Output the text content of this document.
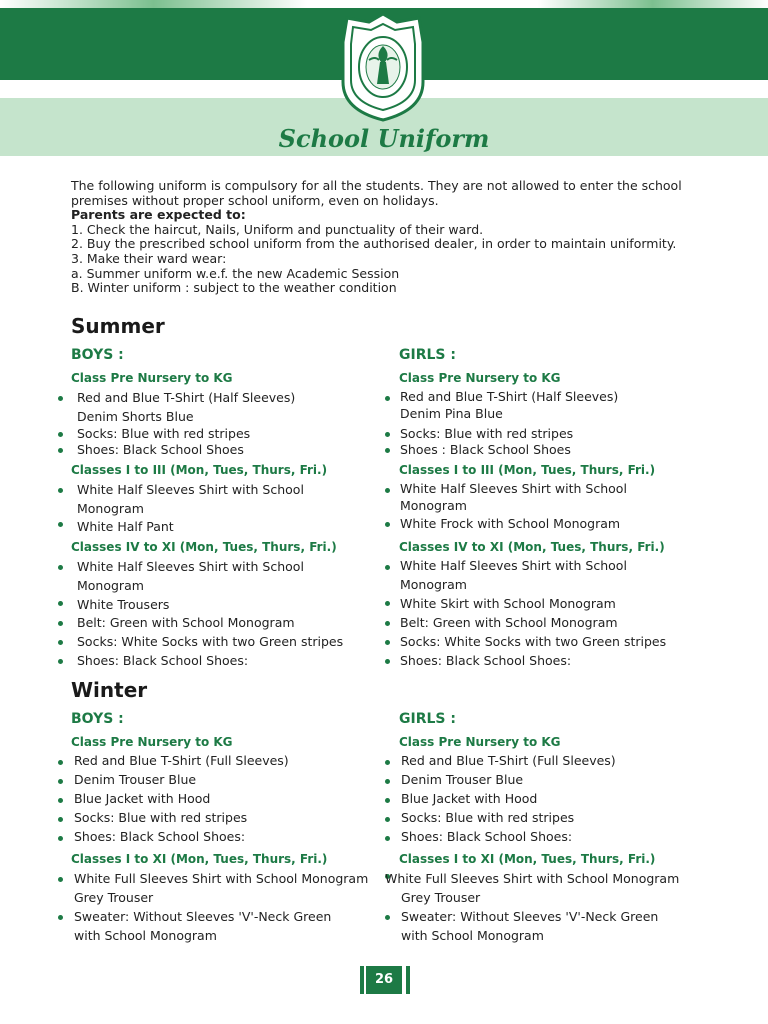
School Uniform

The following uniform is compulsory for all the students. They are not allowed to enter the school

premises without proper school uniform, even on holidays.

Parents are expected to:

1. Check the haircut, Nails, Uniform and punctuality of their ward.

2. Buy the prescribed school uniform from the authorised dealer, in order to maintain uniformity.

3. Make their ward wear:

a. Summer uniform w.e.f. the new Academic Session

B. Winter uniform : subject to the weather condition

Summer
BOYS :	GIRLS :
Class Pre Nursery to KG	Class Pre Nursery to KG
Red and Blue T-Shirt (Half Sleeves)
Denim Shorts Blue
Socks: Blue with red stripes
Shoes: Black School Shoes
Red and Blue T-Shirt (Half Sleeves)
Denim Pina Blue
Socks: Blue with red stripes
Shoes : Black School Shoes
Classes I to III (Mon, Tues, Thurs, Fri.)	Classes I to III (Mon, Tues, Thurs, Fri.)
White Half Sleeves Shirt with School
Monogram
White Half Pant
White Half Sleeves Shirt with School
Monogram
White Frock with School Monogram
Classes IV to XI (Mon, Tues, Thurs, Fri.)	Classes IV to XI (Mon, Tues, Thurs, Fri.)
White Half Sleeves Shirt with School
Monogram
White Trousers
Belt: Green with School Monogram
Socks: White Socks with two Green stripes
Shoes: Black School Shoes:
White Half Sleeves Shirt with School
Monogram
White Skirt with School Monogram
Belt: Green with School Monogram
Socks: White Socks with two Green stripes
Shoes: Black School Shoes:
Winter
BOYS :	GIRLS :
Class Pre Nursery to KG	Class Pre Nursery to KG
Red and Blue T-Shirt (Full Sleeves)
Denim Trouser Blue
Blue Jacket with Hood
Socks: Blue with red stripes
Shoes: Black School Shoes:
Red and Blue T-Shirt (Full Sleeves)
Denim Trouser Blue
Blue Jacket with Hood
Socks: Blue with red stripes
Shoes: Black School Shoes:
Classes I to XI (Mon, Tues, Thurs, Fri.)	Classes I to XI (Mon, Tues, Thurs, Fri.)
White Full Sleeves Shirt with School Monogram
Grey Trouser
Sweater: Without Sleeves 'V'-Neck Green
with School Monogram
White Full Sleeves Shirt with School Monogram
Grey Trouser
Sweater: Without Sleeves 'V'-Neck Green
with School Monogram
26
